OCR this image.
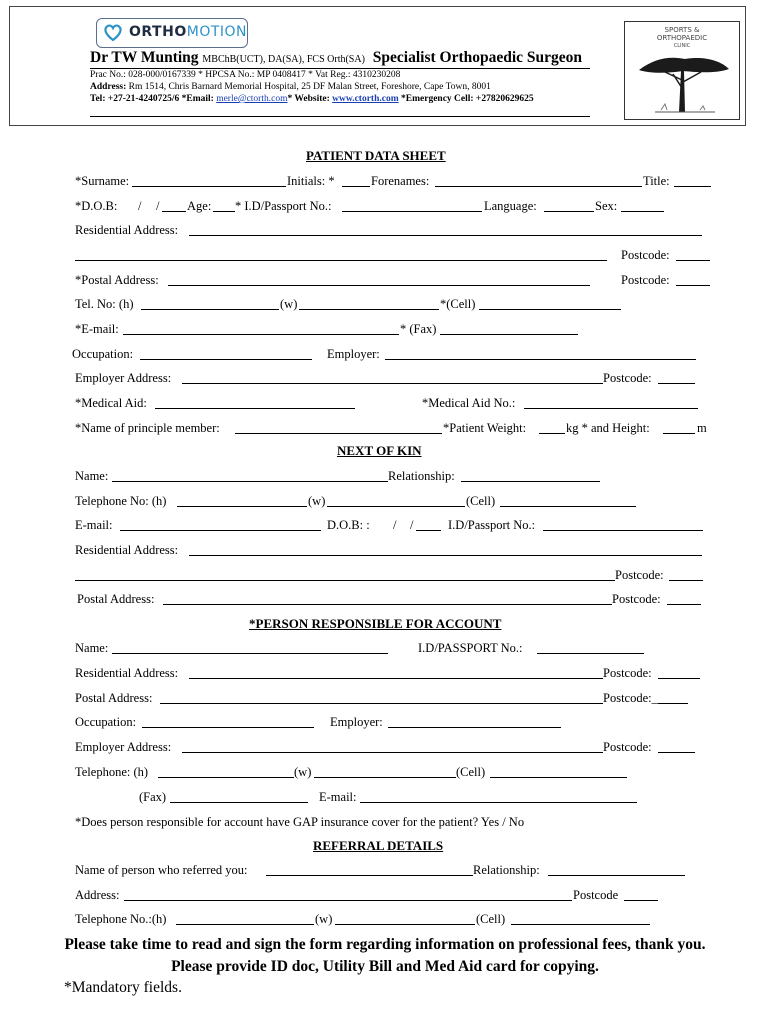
ORTHOMOTION
Dr TW Munting MBChB(UCT), DA(SA), FCS Orth(SA) Specialist Orthopaedic Surgeon
Prac No.: 028-000/0167339 * HPCSA No.: MP 0408417 * Vat Reg.: 4310230208
Address: Rm 1514, Chris Barnard Memorial Hospital, 25 DF Malan Street, Foreshore, Cape Town, 8001
Tel: +27-21-4240725/6 *Email: merle@ctorth.com* Website: www.ctorth.com *Emergency Cell: +27820629625
SPORTS &
ORTHOPAEDIC
CLINIC
PATIENT DATA SHEET
*Surname:	Initials: *	Forenames:	Title:
*D.O.B: / / Age: * I.D/Passport No.:	Language:	Sex:
Residential Address:
Postcode:
*Postal Address:	Postcode:
Tel. No: (h)	(w)	*(Cell)
*E-mail:	* (Fax)
Occupation:	Employer:
Employer Address:	Postcode:
*Medical Aid:	*Medical Aid No.:
*Name of principle member:	*Patient Weight:	kg * and Height:	m
NEXT OF KIN
Name:	Relationship:
Telephone No: (h)	(w)	(Cell)
E-mail:	D.O.B: : / /	I.D/Passport No.:
Residential Address:
Postcode:
Postal Address:	Postcode:
*PERSON RESPONSIBLE FOR ACCOUNT
Name:	I.D/PASSPORT No.:
Residential Address:	Postcode:
Postal Address:	Postcode:_
Occupation:	Employer:
Employer Address:	Postcode:
Telephone: (h)	(w)	(Cell)
(Fax)	E-mail:
*Does person responsible for account have GAP insurance cover for the patient? Yes / No
REFERRAL DETAILS
Name of person who referred you:	Relationship:
Address:	Postcode
Telephone No.:(h)	(w)	(Cell)
Please take time to read and sign the form regarding information on professional fees, thank you.
Please provide ID doc, Utility Bill and Med Aid card for copying.
*Mandatory fields.
